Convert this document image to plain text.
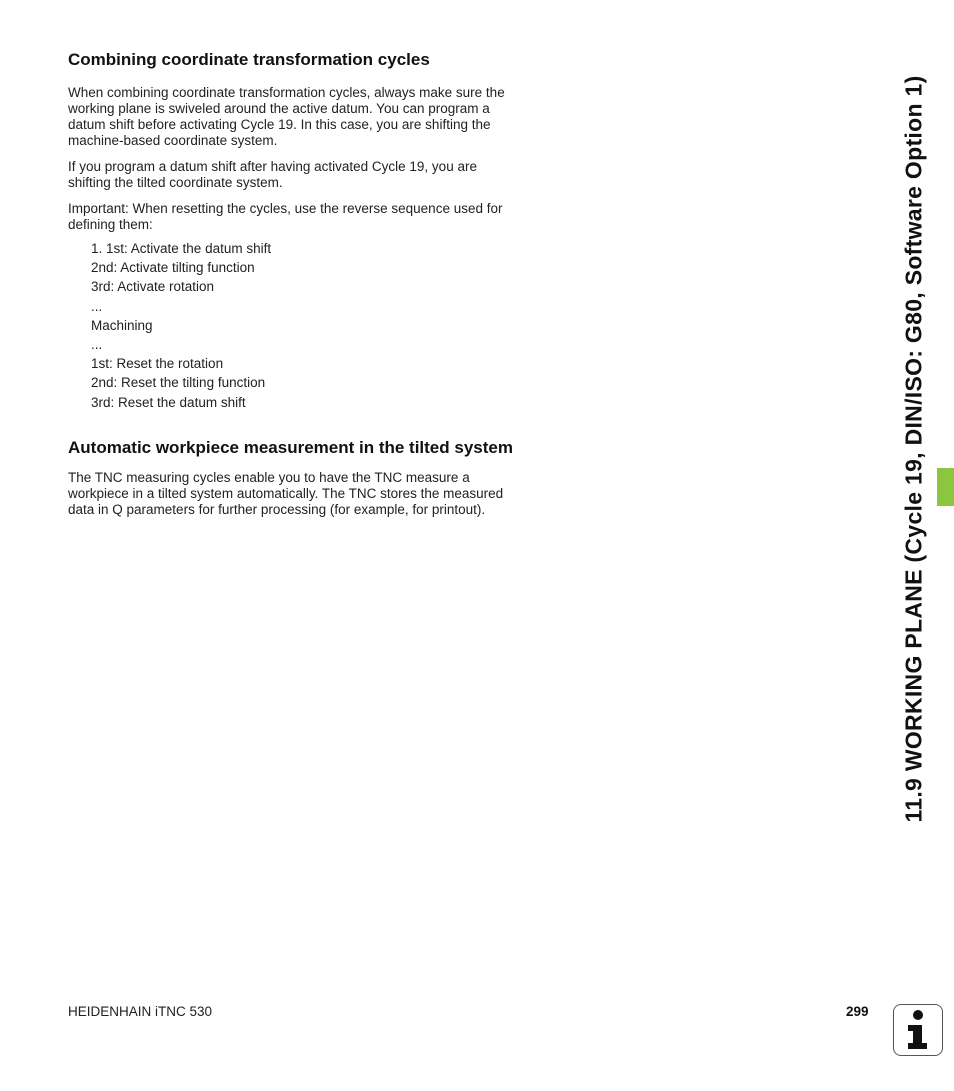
Combining coordinate transformation cycles

When combining coordinate transformation cycles, always make sure the working plane is swiveled around the active datum. You can program a datum shift before activating Cycle 19. In this case, you are shifting the machine-based coordinate system.

If you program a datum shift after having activated Cycle 19, you are shifting the tilted coordinate system.

Important: When resetting the cycles, use the reverse sequence used for defining them:

1. 1st: Activate the datum shift
2nd: Activate tilting function
3rd: Activate rotation
...
Machining
...
1st: Reset the rotation
2nd: Reset the tilting function
3rd: Reset the datum shift
Automatic workpiece measurement in the tilted system

The TNC measuring cycles enable you to have the TNC measure a workpiece in a tilted system automatically. The TNC stores the measured data in Q parameters for further processing (for example, for printout).	11.9 WORKING PLANE (Cycle 19, DIN/ISO: G80, Software Option 1)
HEIDENHAIN iTNC 530	299
